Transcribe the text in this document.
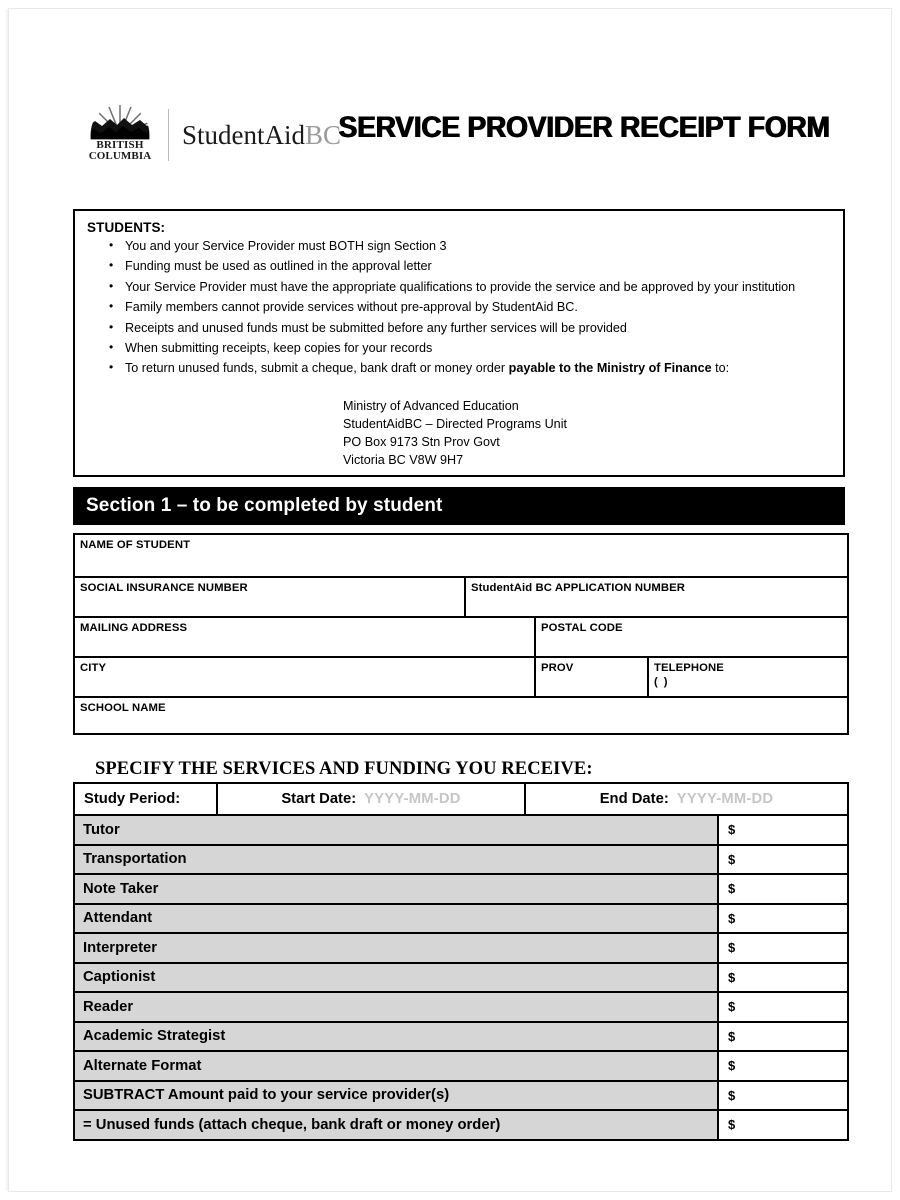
BRITISH
COLUMBIA
StudentAidBC
SERVICE PROVIDER RECEIPT FORM
STUDENTS:
• You and your Service Provider must BOTH sign Section 3
• Funding must be used as outlined in the approval letter
• Your Service Provider must have the appropriate qualifications to provide the service and be approved by your institution
• Family members cannot provide services without pre-approval by StudentAid BC.
• Receipts and unused funds must be submitted before any further services will be provided
• When submitting receipts, keep copies for your records
• To return unused funds, submit a cheque, bank draft or money order payable to the Ministry of Finance to:
Ministry of Advanced Education
StudentAidBC – Directed Programs Unit
PO Box 9173 Stn Prov Govt
Victoria BC V8W 9H7
Section 1 – to be completed by student
NAME OF STUDENT
SOCIAL INSURANCE NUMBER	StudentAid BC APPLICATION NUMBER
MAILING ADDRESS	POSTAL CODE
CITY	PROV	TELEPHONE
( )
SCHOOL NAME
SPECIFY THE SERVICES AND FUNDING YOU RECEIVE:
Study Period:	Start Date: YYYY-MM-DD	End Date: YYYY-MM-DD
Tutor	$
Transportation	$
Note Taker	$
Attendant	$
Interpreter	$
Captionist	$
Reader	$
Academic Strategist	$
Alternate Format	$
SUBTRACT Amount paid to your service provider(s)	$
= Unused funds (attach cheque, bank draft or money order)	$
